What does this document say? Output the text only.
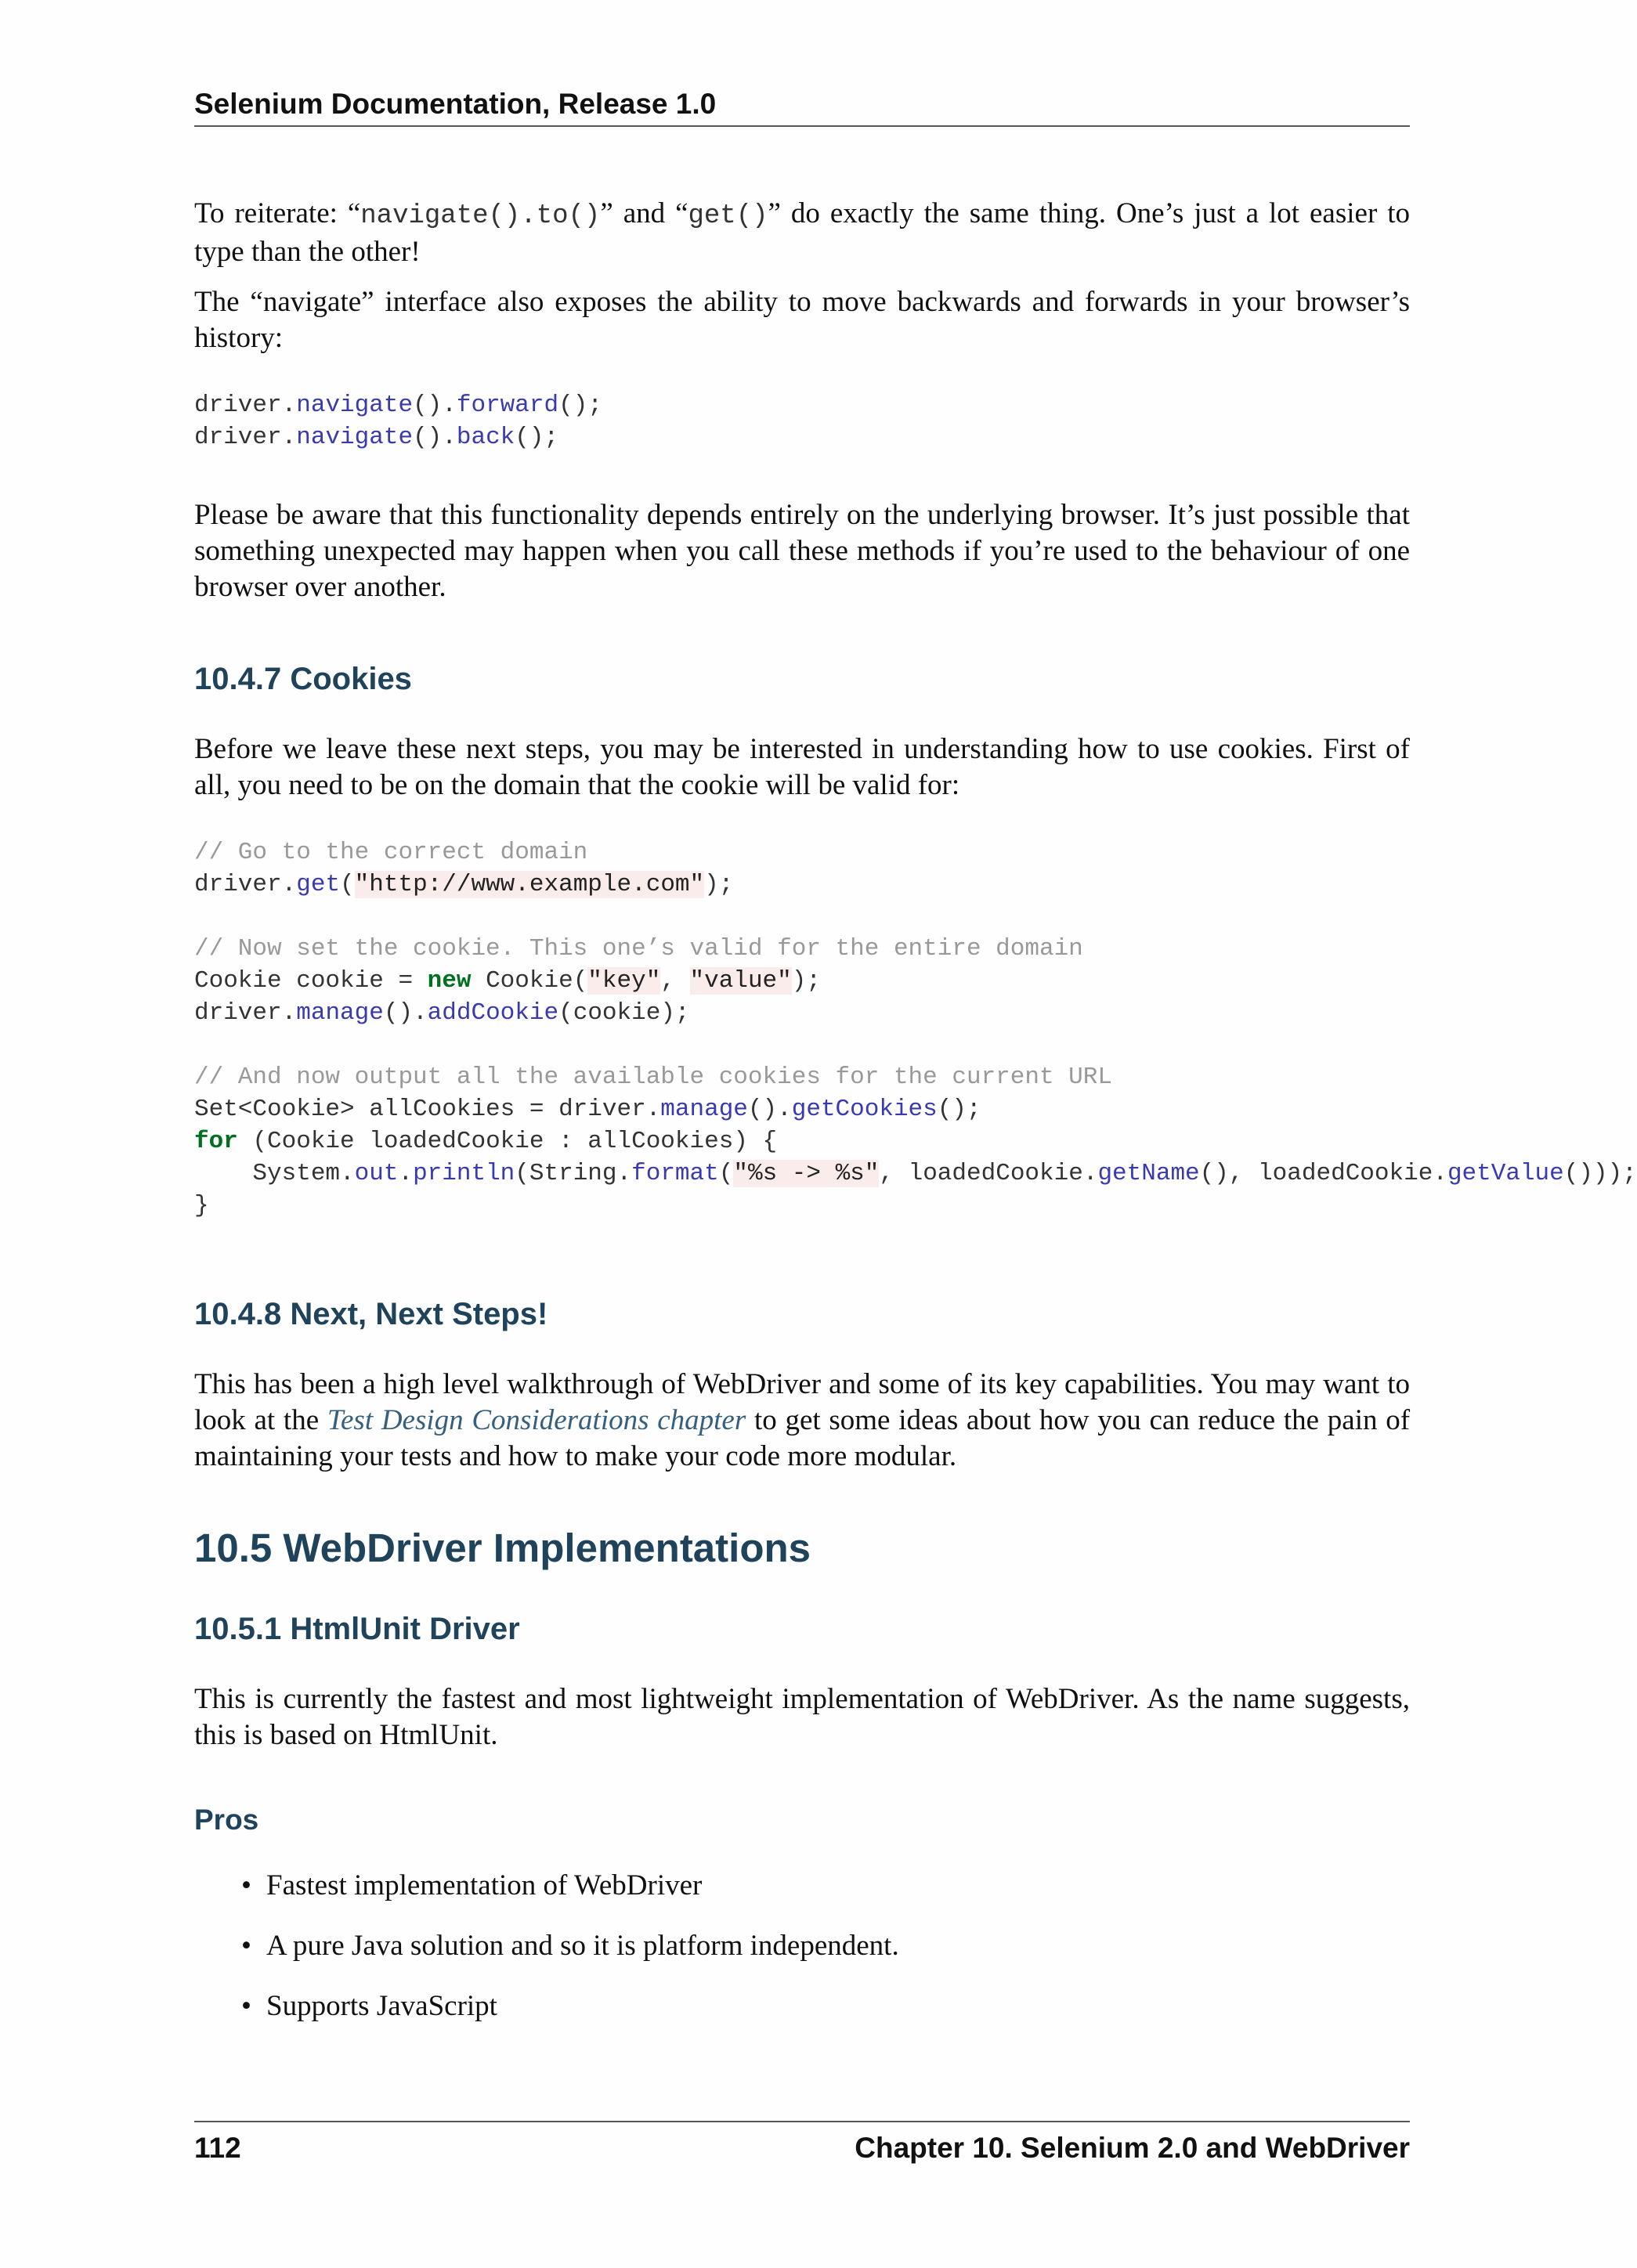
Selenium Documentation, Release 1.0

To reiterate: “navigate().to()” and “get()” do exactly the same thing. One’s just a lot easier to type than the other!

The “navigate” interface also exposes the ability to move backwards and forwards in your browser’s history:

driver.navigate().forward();
driver.navigate().back();

Please be aware that this functionality depends entirely on the underlying browser. It’s just possible that something unexpected may happen when you call these methods if you’re used to the behaviour of one browser over another.

10.4.7 Cookies

Before we leave these next steps, you may be interested in understanding how to use cookies. First of all, you need to be on the domain that the cookie will be valid for:

// Go to the correct domain
driver.get("http://www.example.com");

// Now set the cookie. This one’s valid for the entire domain
Cookie cookie = new Cookie("key", "value");
driver.manage().addCookie(cookie);

// And now output all the available cookies for the current URL
Set<Cookie> allCookies = driver.manage().getCookies();
for (Cookie loadedCookie : allCookies) {
System.out.println(String.format("%s -> %s", loadedCookie.getName(), loadedCookie.getValue()));
}
10.4.8 Next, Next Steps!

This has been a high level walkthrough of WebDriver and some of its key capabilities. You may want to look at the Test Design Considerations chapter to get some ideas about how you can reduce the pain of maintaining your tests and how to make your code more modular.

10.5 WebDriver Implementations
10.5.1 HtmlUnit Driver

This is currently the fastest and most lightweight implementation of WebDriver. As the name suggests, this is based on HtmlUnit.

Pros
• Fastest implementation of WebDriver
• A pure Java solution and so it is platform independent.
• Supports JavaScript
112	Chapter 10. Selenium 2.0 and WebDriver
